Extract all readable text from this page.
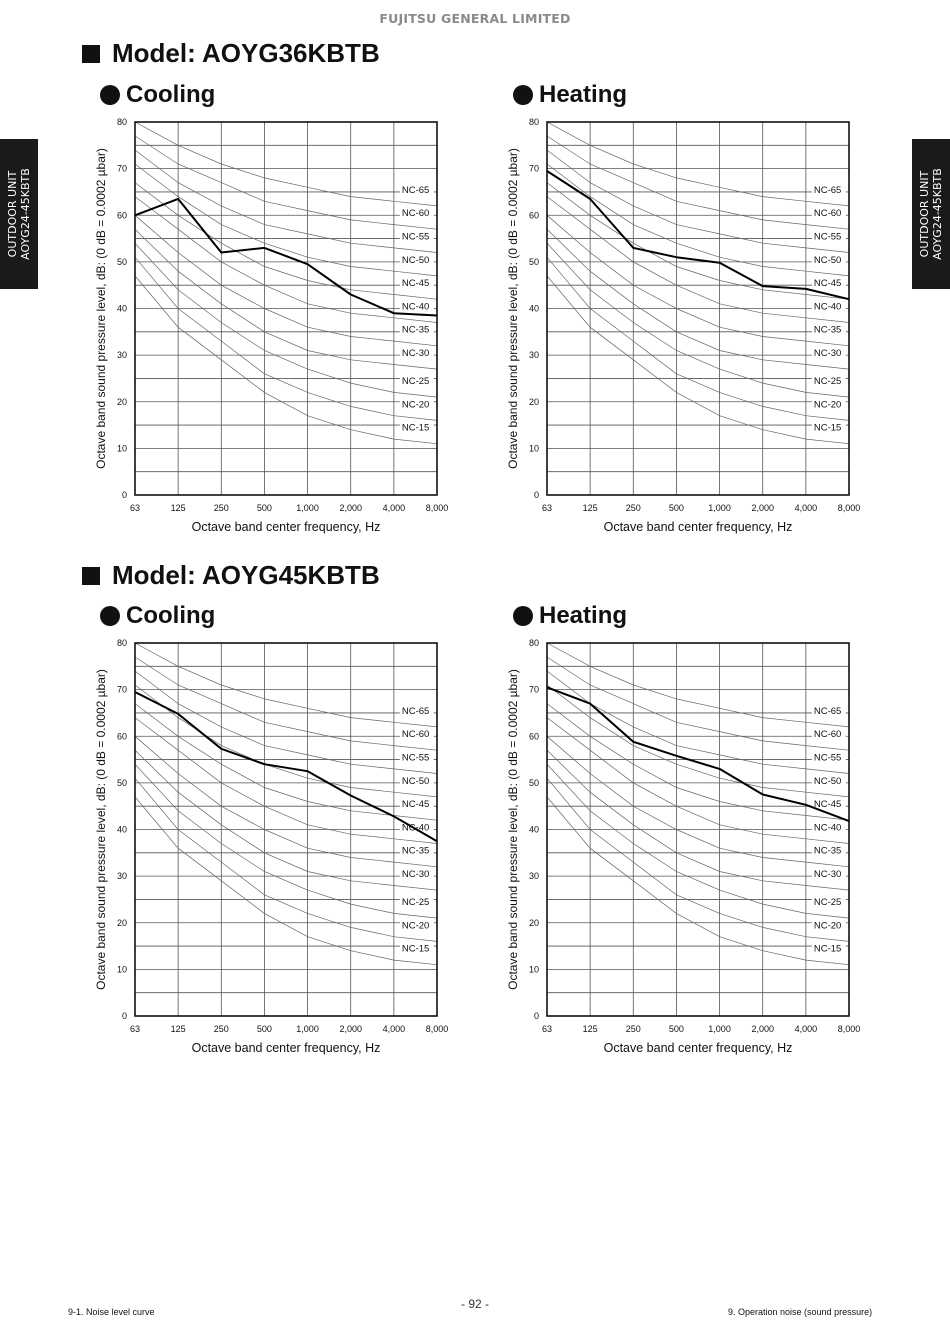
FUJITSU GENERAL LIMITED
OUTDOOR UNIT AOYG24-45KBTB	OUTDOOR UNIT AOYG24-45KBTB
Model: AOYG36KBTB
Model: AOYG45KBTB
Cooling	Heating
Cooling	Heating
NC-65
NC-60
NC-55
NC-50
NC-45
NC-40
NC-35
NC-30
NC-25
NC-20
NC-15
0
10
20
30
40
50
60
70
80
63	125	250	500	1,000 2,000 4,000 8,000
Octave band center frequency, Hz
Octave band sound pressure level, dB: (0 dB = 0.0002 µbar)	NC-65
NC-60
NC-55
NC-50
NC-45
NC-40
NC-35
NC-30
NC-25
NC-20
NC-15
0
10
20
30
40
50
60
70
80
63	125	250	500	1,000 2,000 4,000 8,000
Octave band center frequency, Hz
Octave band sound pressure level, dB: (0 dB = 0.0002 µbar)
NC-65
NC-60
NC-55
NC-50
NC-45
NC-40
NC-35
NC-30
NC-25
NC-20
NC-15
0
10
20
30
40
50
60
70
80
63	125	250	500	1,000 2,000 4,000 8,000
Octave band center frequency, Hz
Octave band sound pressure level, dB: (0 dB = 0.0002 µbar)	NC-65
NC-60
NC-55
NC-50
NC-45
NC-40
NC-35
NC-30
NC-25
NC-20
NC-15
0
10
20
30
40
50
60
70
80
63	125	250	500	1,000 2,000 4,000 8,000
Octave band center frequency, Hz
Octave band sound pressure level, dB: (0 dB = 0.0002 µbar)
- 92 -
9-1. Noise level curve	9. Operation noise (sound pressure)
